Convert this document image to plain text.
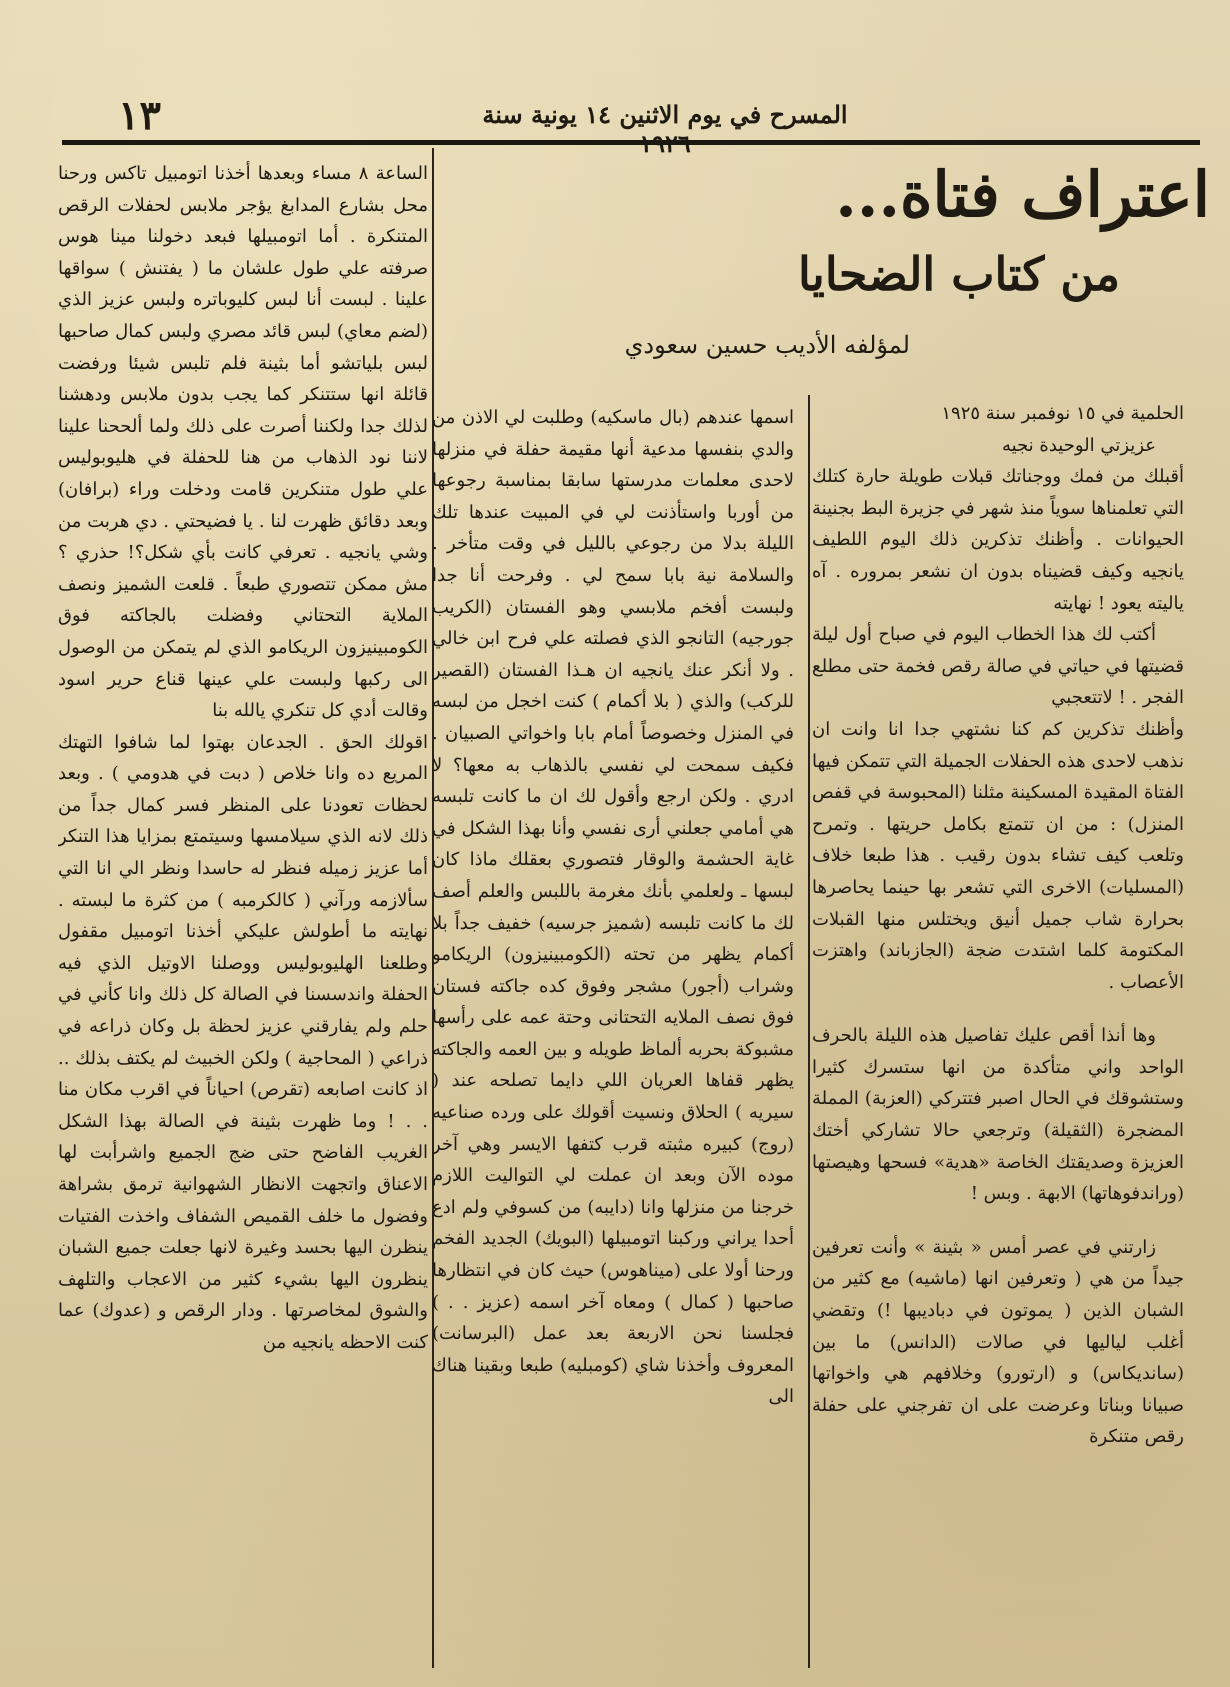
١٣	المسرح في يوم الاثنين ١٤ يونية سنة
اعتراف فتاة...
من كتاب الضحايا
لمؤلفه الأديب حسين سعودي

الحلمية في ١٥ نوفمبر سنة ١٩٢٥

عزيزتي الوحيدة نجيه

أقبلك من فمك ووجناتك قبلات طويلة حارة كتلك التي تعلمناها سوياً منذ شهر في جزيرة البط بجنينة الحيوانات . وأظنك تذكرين ذلك اليوم اللطيف يانجيه وكيف قضيناه بدون ان نشعر بمروره . آه ياليته يعود ! نهايته

أكتب لك هذا الخطاب اليوم في صباح أول ليلة قضيتها في حياتي في صالة رقص فخمة حتى مطلع الفجر . ! لاتتعجبي

وأظنك تذكرين كم كنا نشتهي جدا انا وانت ان نذهب لاحدى هذه الحفلات الجميلة التي تتمكن فيها الفتاة المقيدة المسكينة مثلنا (المحبوسة في قفص المنزل) : من ان تتمتع بكامل حريتها . وتمرح وتلعب كيف تشاء بدون رقيب . هذا طبعا خلاف (المسليات) الاخرى التي تشعر بها حينما يحاصرها بحرارة شاب جميل أنيق ويختلس منها القبلات المكتومة كلما اشتدت ضجة (الجازباند) واهتزت الأعصاب .

وها أنذا أقص عليك تفاصيل هذه الليلة بالحرف الواحد واني متأكدة من انها ستسرك كثيرا وستشوقك في الحال اصبر فتتركي (العزبة) المملة المضجرة (الثقيلة) وترجعي حالا تشاركي أختك العزيزة وصديقتك الخاصة «هدية» فسحها وهيصتها (وراندفوهاتها) الابهة . وبس !

زارتني في عصر أمس « بثينة » وأنت تعرفين جيداً من هي ( وتعرفين انها (ماشيه) مع كثير من الشبان الذين ( يموتون في دباديبها !) وتقضي أغلب لياليها في صالات (الدانس) ما بين (سانديكاس) و (ارتورو) وخلافهم هي واخواتها صبيانا وبناتا وعرضت على ان تفرجني على حفلة رقص متنكرة

اسمها عندهم (بال ماسكيه) وطلبت لي الاذن من والدي بنفسها مدعية أنها مقيمة حفلة في منزلها لاحدى معلمات مدرستها سابقا بمناسبة رجوعها من أوربا واستأذنت لي في المبيت عندها تلك الليلة بدلا من رجوعي بالليل في وقت متأخر . والسلامة نية بابا سمح لي . وفرحت أنا جدا ولبست أفخم ملابسي وهو الفستان (الكريب جورجيه) التانجو الذي فصلته علي فرح ابن خالي . ولا أنكر عنك يانجيه ان هـذا الفستان (القصير للركب) والذي ( بلا أكمام ) كنت اخجل من لبسه في المنزل وخصوصاً أمام بابا واخواتي الصبيان . فكيف سمحت لي نفسي بالذهاب به معها؟ لا ادري . ولكن ارجع وأقول لك ان ما كانت تلبسه هي أمامي جعلني أرى نفسي وأنا بهذا الشكل في غاية الحشمة والوقار فتصوري بعقلك ماذا كان لبسها ـ ولعلمي بأنك مغرمة باللبس والعلم أصف لك ما كانت تلبسه (شميز جرسيه) خفيف جداً بلا أكمام يظهر من تحته (الكومبينيزون) الريكامو وشراب (أجور) مشجر وفوق كده جاكته فستان فوق نصف الملايه التحتانى وحتة عمه على رأسها مشبوكة بحربه ألماظ طويله و بين العمه والجاكته يظهر قفاها العريان اللي دايما تصلحه عند ( سيريه ) الحلاق ونسيت أقولك على ورده صناعيه (روج) كبيره مثبته قرب كتفها الايسر وهي آخر موده الآن وبعد ان عملت لي التواليت اللازم خرجنا من منزلها وانا (دايبه) من كسوفي ولم ادع أحدا يراني وركبنا اتومبيلها (البويك) الجديد الفخم ورحنا أولا على (ميناهوس) حيث كان في انتظارها صاحبها ( كمال ) ومعاه آخر اسمه (عزيز . . ) فجلسنا نحن الاربعة بعد عمل (البرسانت) المعروف وأخذنا شاي (كومبليه) طبعا وبقينا هناك الى

الساعة ٨ مساء وبعدها أخذنا اتومبيل تاكس ورحنا محل بشارع المدابغ يؤجر ملابس لحفلات الرقص المتنكرة . أما اتومبيلها فبعد دخولنا مينا هوس صرفته علي طول علشان ما ( يفتنش ) سواقها علينا . لبست أنا لبس كليوباتره ولبس عزيز الذي (لضم معاي) لبس قائد مصري ولبس كمال صاحبها لبس بلياتشو أما بثينة فلم تلبس شيئا ورفضت قائلة انها ستتنكر كما يجب بدون ملابس ودهشنا لذلك جدا ولكننا أصرت على ذلك ولما ألححنا علينا لاننا نود الذهاب من هنا للحفلة في هليوبوليس علي طول متنكرين قامت ودخلت وراء (برافان) وبعد دقائق ظهرت لنا . يا فضيحتي . دي هربت من وشي يانجيه . تعرفي كانت بأي شكل؟! حذري ؟ مش ممكن تتصوري طبعاً . قلعت الشميز ونصف الملاية التحتاني وفضلت بالجاكته فوق الكومبينيزون الريكامو الذي لم يتمكن من الوصول الى ركبها ولبست علي عينها قناع حرير اسود وقالت أدي كل تنكري يالله بنا

اقولك الحق . الجدعان بهتوا لما شافوا التهتك المريع ده وانا خلاص ( دبت في هدومي ) . وبعد لحظات تعودنا على المنظر فسر كمال جداً من ذلك لانه الذي سيلامسها وسيتمتع بمزايا هذا التنكر أما عزيز زميله فنظر له حاسدا ونظر الي انا التي سألازمه ورآني ( كالكرمبه ) من كثرة ما لبسته . نهايته ما أطولش عليكي أخذنا اتومبيل مقفول وطلعنا الهليوبوليس ووصلنا الاوتيل الذي فيه الحفلة واندسسنا في الصالة كل ذلك وانا كأني في حلم ولم يفارقني عزيز لحظة بل وكان ذراعه في ذراعي ( المحاجية ) ولكن الخبيث لم يكتف بذلك .. اذ كانت اصابعه (تقرص) احياناً في اقرب مكان منا . . ! وما ظهرت بثينة في الصالة بهذا الشكل الغريب الفاضح حتى ضج الجميع واشرأبت لها الاعناق واتجهت الانظار الشهوانية ترمق بشراهة وفضول ما خلف القميص الشفاف واخذت الفتيات ينظرن اليها بحسد وغيرة لانها جعلت جميع الشبان ينظرون اليها بشيء كثير من الاعجاب والتلهف والشوق لمخاصرتها . ودار الرقص و (عدوك) عما كنت الاحظه يانجيه من
